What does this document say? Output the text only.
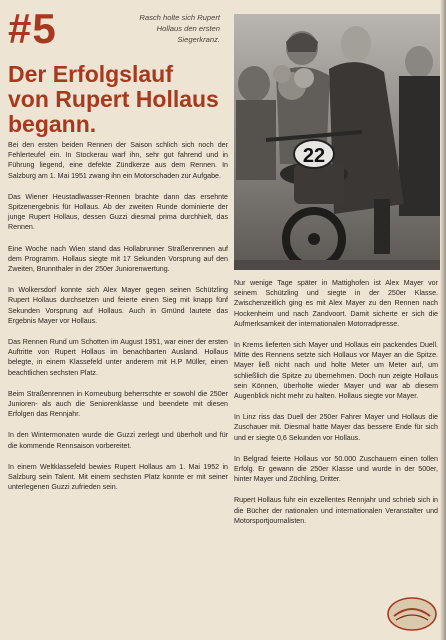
#5	Rasch holte sich Rupert
Hollaus den ersten
Siegerkranz.
Der Erfolgslauf
von Rupert Hollaus
begann.
22

Bei den ersten beiden Rennen der Saison schlich sich noch der Fehlerteufel ein. In Stockerau warf ihn, sehr gut fahrend und in Führung liegend, eine defekte Zündkerze aus dem Rennen. In Salzburg am 1. Mai 1951 zwang ihn ein Motorschaden zur Aufgabe.

Das Wiener Heustadlwasser-Rennen brachte dann das ersehnte Spitzenergebnis für Hollaus. Ab der zweiten Runde dominierte der junge Rupert Hollaus, dessen Guzzi diesmal prima durchhielt, das Rennen.

Eine Woche nach Wien stand das Hollabrunner Straßenrennen auf dem Programm. Hollaus siegte mit 17 Sekunden Vorsprung auf den Zweiten, Brunnthaler in der 250er Juniorenwertung.

In Wolkersdorf konnte sich Alex Mayer gegen seinen Schützling Rupert Hollaus durchsetzen und feierte einen Sieg mit knapp fünf Sekunden Vorsprung auf Hollaus. Auch in Gmünd lautete das Ergebnis Mayer vor Hollaus.

Das Rennen Rund um Schotten im August 1951, war einer der ersten Auftritte von Rupert Hollaus im benachbarten Ausland. Hollaus belegte, in einem Klassefeld unter anderem mit H.P Müller, einen beachtlichen sechsten Platz.

Beim Straßenrennen in Korneuburg beherrschte er sowohl die 250er Junioren- als auch die Seniorenklasse und beendete mit diesen Erfolgen das Rennjahr.

In den Wintermonaten wurde die Guzzi zerlegt und überholt und für die kommende Rennsaison vorbereitet.

In einem Weltklassefeld bewies Rupert Hollaus am 1. Mai 1952 in Salzburg sein Talent. Mit einem sechsten Platz konnte er mit seiner unterlegenen Guzzi zufrieden sein.

Nur wenige Tage später in Mattighofen ist Alex Mayer vor seinem Schützling und siegte in der 250er Klasse. Zwischenzeitlich ging es mit Alex Mayer zu den Rennen nach Hockenheim und nach Zandvoort. Damit sicherte er sich die Aufmerksamkeit der internationalen Motorradpresse.

In Krems lieferten sich Mayer und Hollaus ein packendes Duell. Mitte des Rennens setzte sich Hollaus vor Mayer an die Spitze. Mayer ließ nicht nach und holte Meter um Meter auf, um schließlich die Spitze zu übernehmen. Doch nun zeigte Hollaus sein Können, überholte wieder Mayer und war ab diesem Augenblick nicht mehr zu halten. Hollaus siegte vor Mayer.

In Linz riss das Duell der 250er Fahrer Mayer und Hollaus die Zuschauer mit. Diesmal hatte Mayer das bessere Ende für sich und er siegte 0,6 Sekunden vor Hollaus.

In Belgrad feierte Hollaus vor 50.000 Zuschauern einen tollen Erfolg. Er gewann die 250er Klasse und wurde in der 500er, hinter Mayer und Zöchling, Dritter.

Rupert Hollaus fuhr ein exzellentes Rennjahr und schrieb sich in die Bücher der nationalen und internationalen Veranstalter und Motorsportjournalisten.
